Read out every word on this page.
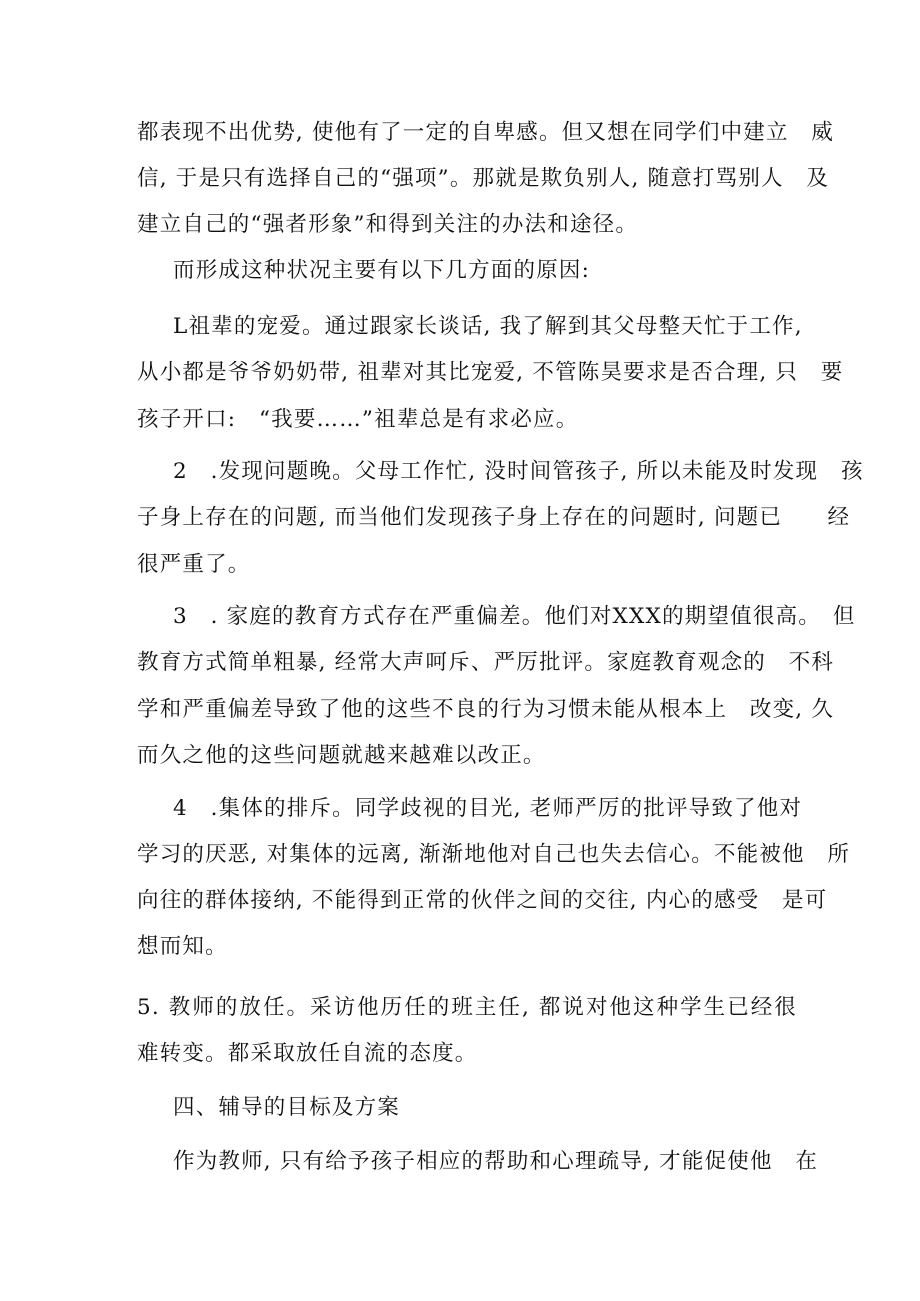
都表现不出优势, 使他有了一定的自卑感。但又想在同学们中建立　威

信, 于是只有选择自己的“强项”。那就是欺负别人, 随意打骂别人　及

建立自己的“强者形象”和得到关注的办法和途径。

而形成这种状况主要有以下几方面的原因:

L祖辈的宠爱。通过跟家长谈话, 我了解到其父母整天忙于工作,

从小都是爷爷奶奶带, 祖辈对其比宠爱, 不管陈昊要求是否合理, 只　要

孩子开口:　“我要……”祖辈总是有求必应。

2　.发现问题晚。父母工作忙, 没时间管孩子, 所以未能及时发现　孩

子身上存在的问题, 而当他们发现孩子身上存在的问题时, 问题已　　经

很严重了。

3　. 家庭的教育方式存在严重偏差。他们对XXX的期望值很高。　但

教育方式简单粗暴, 经常大声呵斥、严厉批评。家庭教育观念的　不科

学和严重偏差导致了他的这些不良的行为习惯未能从根本上　改变, 久

而久之他的这些问题就越来越难以改正。

4　.集体的排斥。同学歧视的目光, 老师严厉的批评导致了他对

学习的厌恶, 对集体的远离, 渐渐地他对自己也失去信心。不能被他　所

向往的群体接纳, 不能得到正常的伙伴之间的交往, 内心的感受　是可

想而知。

5. 教师的放任。采访他历任的班主任, 都说对他这种学生已经很

难转变。都采取放任自流的态度。

四、辅导的目标及方案

作为教师, 只有给予孩子相应的帮助和心理疏导, 才能促使他　在
